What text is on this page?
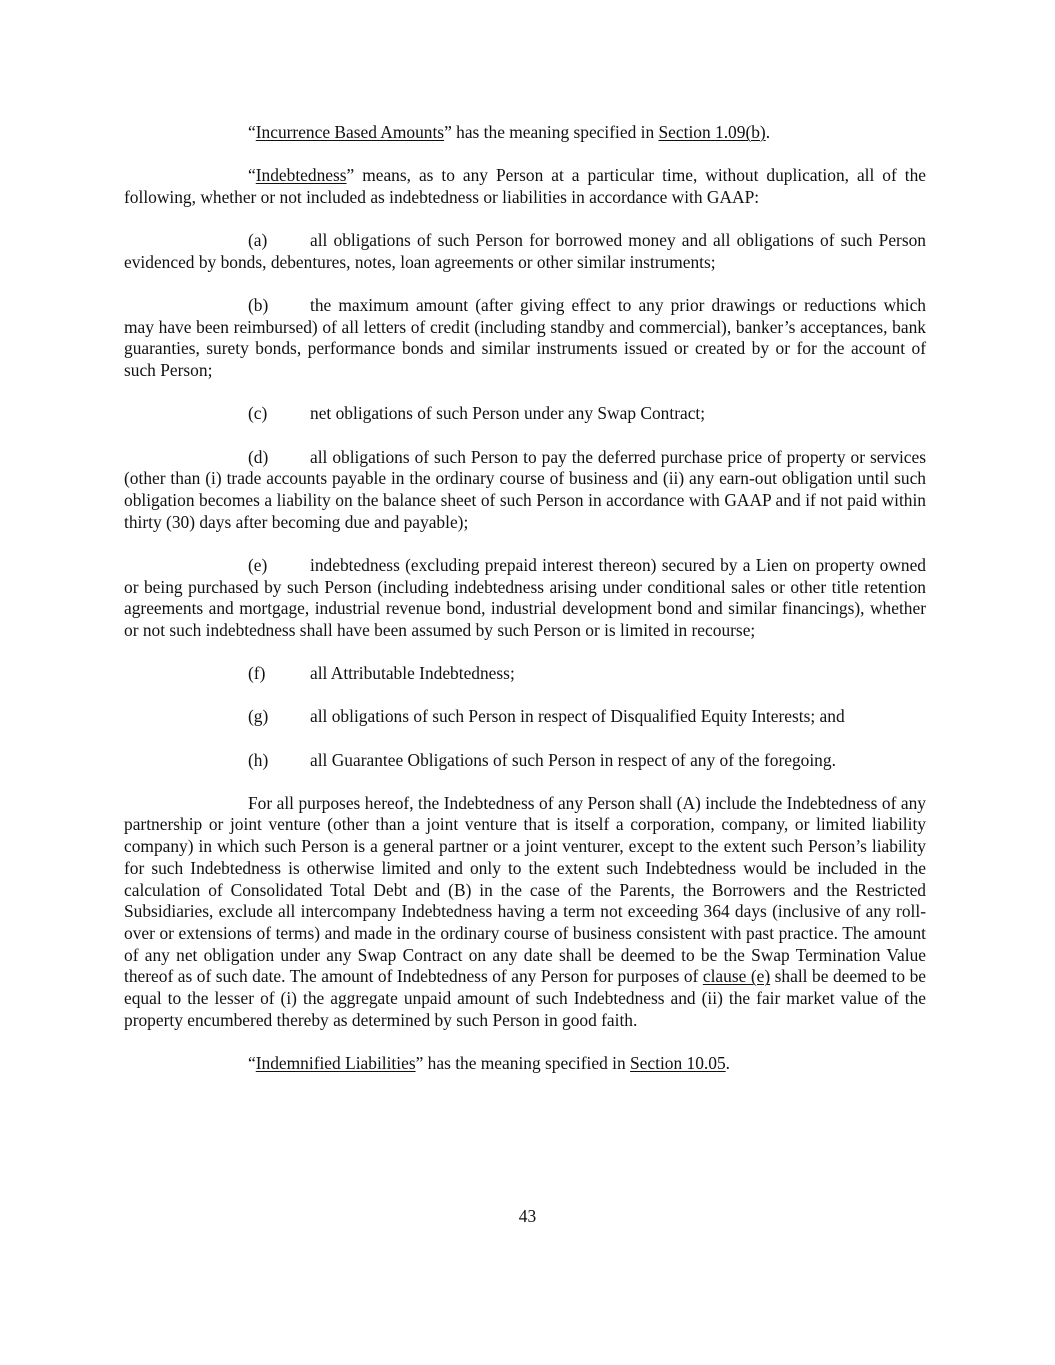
“Incurrence Based Amounts” has the meaning specified in Section 1.09(b).

“Indebtedness” means, as to any Person at a particular time, without duplication, all of the following, whether or not included as indebtedness or liabilities in accordance with GAAP:

(a) all obligations of such Person for borrowed money and all obligations of such Person evidenced by bonds, debentures, notes, loan agreements or other similar instruments;

(b) the maximum amount (after giving effect to any prior drawings or reductions which may have been reimbursed) of all letters of credit (including standby and commercial), banker’s acceptances, bank guaranties, surety bonds, performance bonds and similar instruments issued or created by or for the account of such Person;

(c) net obligations of such Person under any Swap Contract;

(d) all obligations of such Person to pay the deferred purchase price of property or services (other than (i) trade accounts payable in the ordinary course of business and (ii) any earn-out obligation until such obligation becomes a liability on the balance sheet of such Person in accordance with GAAP and if not paid within thirty (30) days after becoming due and payable);

(e) indebtedness (excluding prepaid interest thereon) secured by a Lien on property owned or being purchased by such Person (including indebtedness arising under conditional sales or other title retention agreements and mortgage, industrial revenue bond, industrial development bond and similar financings), whether or not such indebtedness shall have been assumed by such Person or is limited in recourse;

(f)	all Attributable Indebtedness;

(g) all obligations of such Person in respect of Disqualified Equity Interests; and

(h) all Guarantee Obligations of such Person in respect of any of the foregoing.

For all purposes hereof, the Indebtedness of any Person shall (A) include the Indebtedness of any partnership or joint venture (other than a joint venture that is itself a corporation, company, or limited liability company) in which such Person is a general partner or a joint venturer, except to the extent such Person’s liability for such Indebtedness is otherwise limited and only to the extent such Indebtedness would be included in the calculation of Consolidated Total Debt and (B) in the case of the Parents, the Borrowers and the Restricted Subsidiaries, exclude all intercompany Indebtedness having a term not exceeding 364 days (inclusive of any roll-over or extensions of terms) and made in the ordinary course of business consistent with past practice. The amount of any net obligation under any Swap Contract on any date shall be deemed to be the Swap Termination Value thereof as of such date. The amount of Indebtedness of any Person for purposes of clause (e) shall be deemed to be equal to the lesser of (i) the aggregate unpaid amount of such Indebtedness and (ii) the fair market value of the property encumbered thereby as determined by such Person in good faith.

“Indemnified Liabilities” has the meaning specified in Section 10.05.

43
